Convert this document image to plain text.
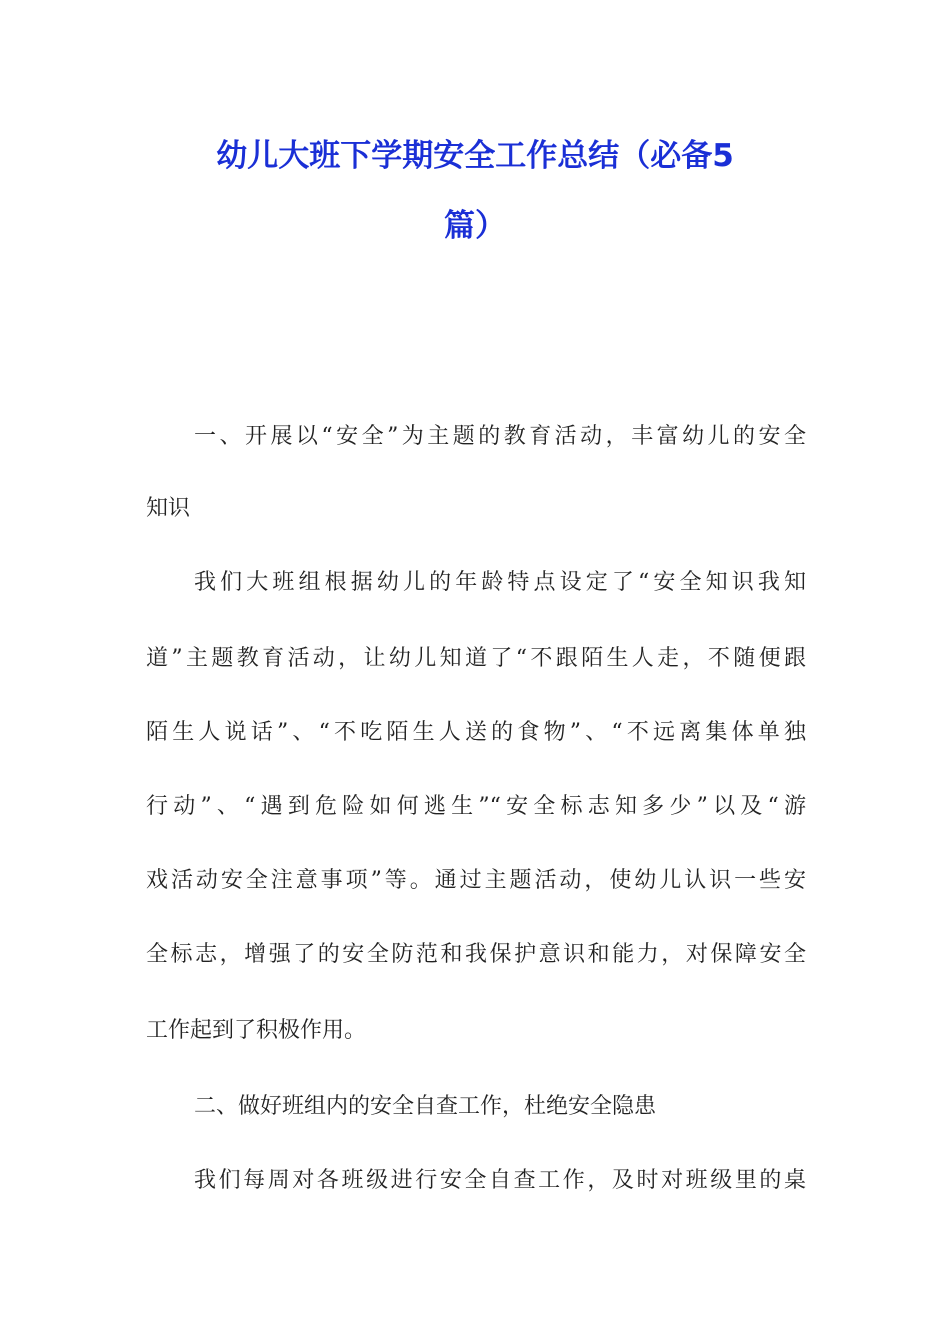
幼儿大班下学期安全工作总结（必备5
篇）
一、开展以“安全”为主题的教育活动，丰富幼儿的安全
知识
我们大班组根据幼儿的年龄特点设定了“安全知识我知
道”主题教育活动，让幼儿知道了“不跟陌生人走，不随便跟
陌生人说话”、“不吃陌生人送的食物”、“不远离集体单独
行动”、“遇到危险如何逃生”“安全标志知多少”以及“游
戏活动安全注意事项”等。通过主题活动，使幼儿认识一些安
全标志，增强了的安全防范和我保护意识和能力，对保障安全
工作起到了积极作用。
二、做好班组内的安全自查工作，杜绝安全隐患
我们每周对各班级进行安全自查工作，及时对班级里的桌
